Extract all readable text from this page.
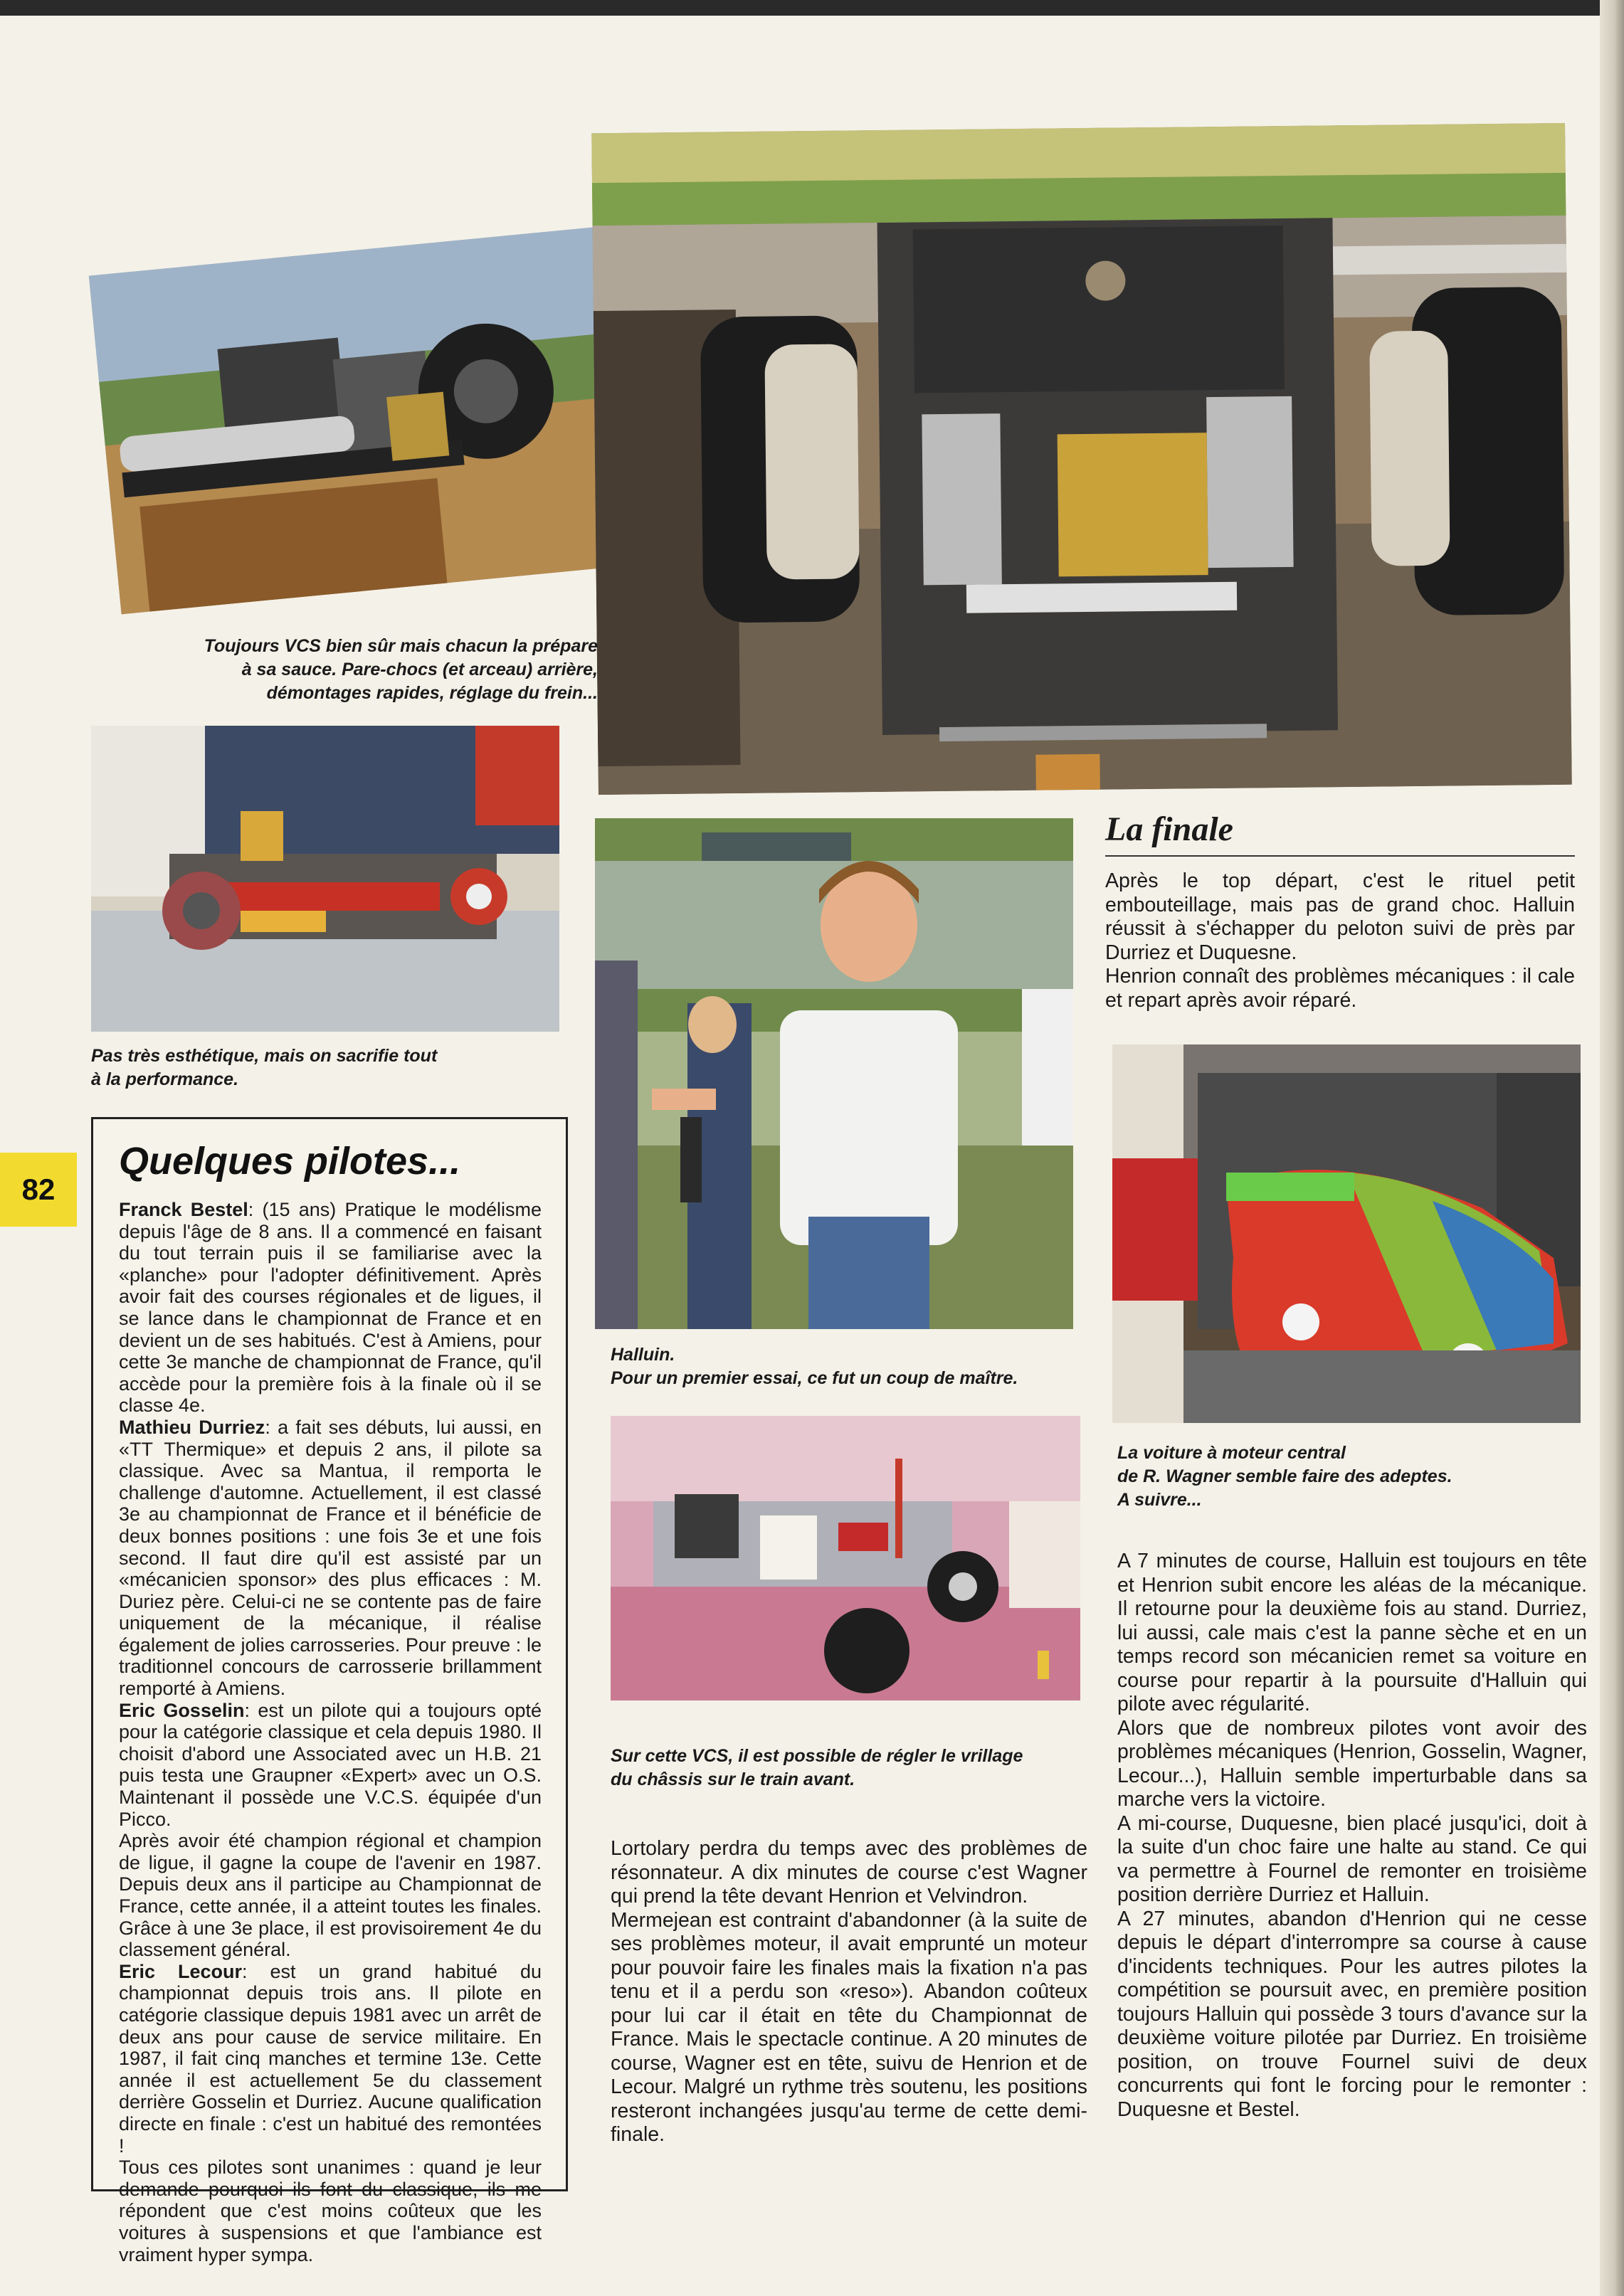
Toujours VCS bien sûr mais chacun la prépare

à sa sauce. Pare-chocs (et arceau) arrière,

démontages rapides, réglage du frein...

Pas très esthétique, mais on sacrifie tout

à la performance.

82
Quelques pilotes...

Franck Bestel: (15 ans) Pratique le modélisme depuis l'âge de 8 ans. Il a commencé en faisant du tout terrain puis il se familiarise avec la «planche» pour l'adopter définitivement. Après avoir fait des courses régionales et de ligues, il se lance dans le championnat de France et en devient un de ses habitués. C'est à Amiens, pour cette 3e manche de championnat de France, qu'il accède pour la première fois à la finale où il se classe 4e.

Mathieu Durriez: a fait ses débuts, lui aussi, en «TT Thermique» et depuis 2 ans, il pilote sa classique. Avec sa Mantua, il remporta le challenge d'automne. Actuellement, il est classé 3e au championnat de France et il bénéficie de deux bonnes positions : une fois 3e et une fois second. Il faut dire qu'il est assisté par un «mécanicien sponsor» des plus efficaces : M. Duriez père. Celui-ci ne se contente pas de faire uniquement de la mécanique, il réalise également de jolies carrosseries. Pour preuve : le traditionnel concours de carrosserie brillamment remporté à Amiens.

Eric Gosselin: est un pilote qui a toujours opté pour la catégorie classique et cela depuis 1980. Il choisit d'abord une Associated avec un H.B. 21 puis testa une Graupner «Expert» avec un O.S. Maintenant il possède une V.C.S. équipée d'un Picco.

Après avoir été champion régional et champion de ligue, il gagne la coupe de l'avenir en 1987. Depuis deux ans il participe au Championnat de France, cette année, il a atteint toutes les finales. Grâce à une 3e place, il est provisoirement 4e du classement général.

Eric Lecour: est un grand habitué du championnat depuis trois ans. Il pilote en catégorie classique depuis 1981 avec un arrêt de deux ans pour cause de service militaire. En 1987, il fait cinq manches et termine 13e. Cette année il est actuellement 5e du classement derrière Gosselin et Durriez. Aucune qualification directe en finale : c'est un habitué des remontées !

Tous ces pilotes sont unanimes : quand je leur demande pourquoi ils font du classique, ils me répondent que c'est moins coûteux que les voitures à suspensions et que l'ambiance est vraiment hyper sympa.

Halluin.

Pour un premier essai, ce fut un coup de maître.

Sur cette VCS, il est possible de régler le vrillage

du châssis sur le train avant.

Lortolary perdra du temps avec des problèmes de résonnateur. A dix minutes de course c'est Wagner qui prend la tête devant Henrion et Velvindron.

Mermejean est contraint d'abandonner (à la suite de ses problèmes moteur, il avait emprunté un moteur pour pouvoir faire les finales mais la fixation n'a pas tenu et il a perdu son «reso»). Abandon coûteux pour lui car il était en tête du Championnat de France. Mais le spectacle continue. A 20 minutes de course, Wagner est en tête, suivu de Henrion et de Lecour. Malgré un rythme très soutenu, les positions resteront inchangées jusqu'au terme de cette demi-finale.

La finale

Après le top départ, c'est le rituel petit embouteillage, mais pas de grand choc. Halluin réussit à s'échapper du peloton suivi de près par Durriez et Duquesne.

Henrion connaît des problèmes mécaniques : il cale et repart après avoir réparé.

La voiture à moteur central

de R. Wagner semble faire des adeptes.

A suivre...

A 7 minutes de course, Halluin est toujours en tête et Henrion subit encore les aléas de la mécanique. Il retourne pour la deuxième fois au stand. Durriez, lui aussi, cale mais c'est la panne sèche et en un temps record son mécanicien remet sa voiture en course pour repartir à la poursuite d'Halluin qui pilote avec régularité.

Alors que de nombreux pilotes vont avoir des problèmes mécaniques (Henrion, Gosselin, Wagner, Lecour...), Halluin semble imperturbable dans sa marche vers la victoire.

A mi-course, Duquesne, bien placé jusqu'ici, doit à la suite d'un choc faire une halte au stand. Ce qui va permettre à Fournel de remonter en troisième position derrière Durriez et Halluin.

A 27 minutes, abandon d'Henrion qui ne cesse depuis le départ d'interrompre sa course à cause d'incidents techniques. Pour les autres pilotes la compétition se poursuit avec, en première position toujours Halluin qui possède 3 tours d'avance sur la deuxième voiture pilotée par Durriez. En troisième position, on trouve Fournel suivi de deux concurrents qui font le forcing pour le remonter : Duquesne et Bestel.
